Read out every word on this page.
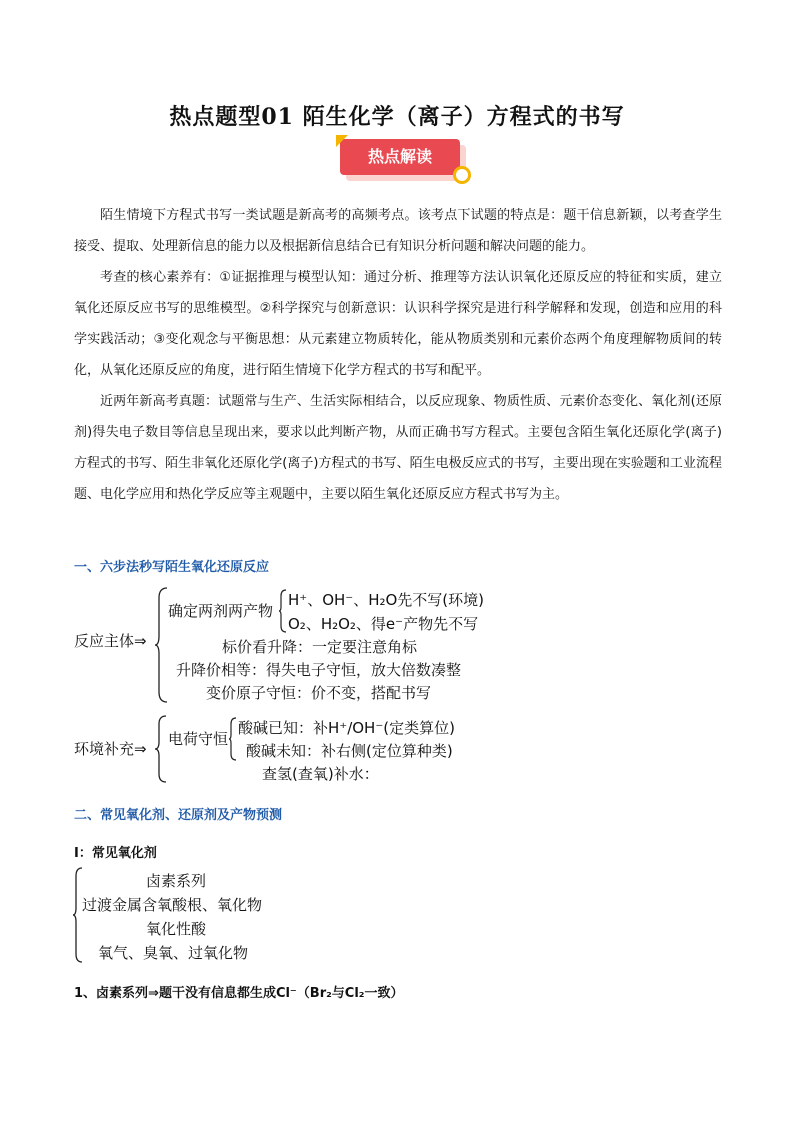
热点题型01 陌生化学（离子）方程式的书写
热点解读
陌生情境下方程式书写一类试题是新高考的高频考点。该考点下试题的特点是：题干信息新颖，以考查学生接受、提取、处理新信息的能力以及根据新信息结合已有知识分析问题和解决问题的能力。
考查的核心素养有：①证据推理与模型认知：通过分析、推理等方法认识氧化还原反应的特征和实质，建立氧化还原反应书写的思维模型。②科学探究与创新意识：认识科学探究是进行科学解释和发现，创造和应用的科学实践活动；③变化观念与平衡思想：从元素建立物质转化，能从物质类别和元素价态两个角度理解物质间的转化，从氧化还原反应的角度，进行陌生情境下化学方程式的书写和配平。
近两年新高考真题：试题常与生产、生活实际相结合，以反应现象、物质性质、元素价态变化、氧化剂(还原剂)得失电子数目等信息呈现出来，要求以此判断产物，从而正确书写方程式。主要包含陌生氧化还原化学(离子)方程式的书写、陌生非氧化还原化学(离子)方程式的书写、陌生电极反应式的书写，主要出现在实验题和工业流程题、电化学应用和热化学反应等主观题中，主要以陌生氧化还原反应方程式书写为主。
一、六步法秒写陌生氧化还原反应
反应主体⇒
确定两剂两产物
H⁺、OH⁻、H₂O先不写(环境)
O₂、H₂O₂、得e⁻产物先不写
标价看升降：一定要注意角标
升降价相等：得失电子守恒，放大倍数凑整
变价原子守恒：价不变，搭配书写
环境补充⇒
电荷守恒
酸碱已知：补H⁺/OH⁻(定类算位)
酸碱未知：补右侧(定位算种类)
查氢(查氧)补水：
二、常见氧化剂、还原剂及产物预测
Ⅰ：常见氧化剂
卤素系列
过渡金属含氧酸根、氧化物
氧化性酸
氧气、臭氧、过氧化物
1、卤素系列⇒题干没有信息都生成Cl⁻（Br₂与Cl₂一致）
